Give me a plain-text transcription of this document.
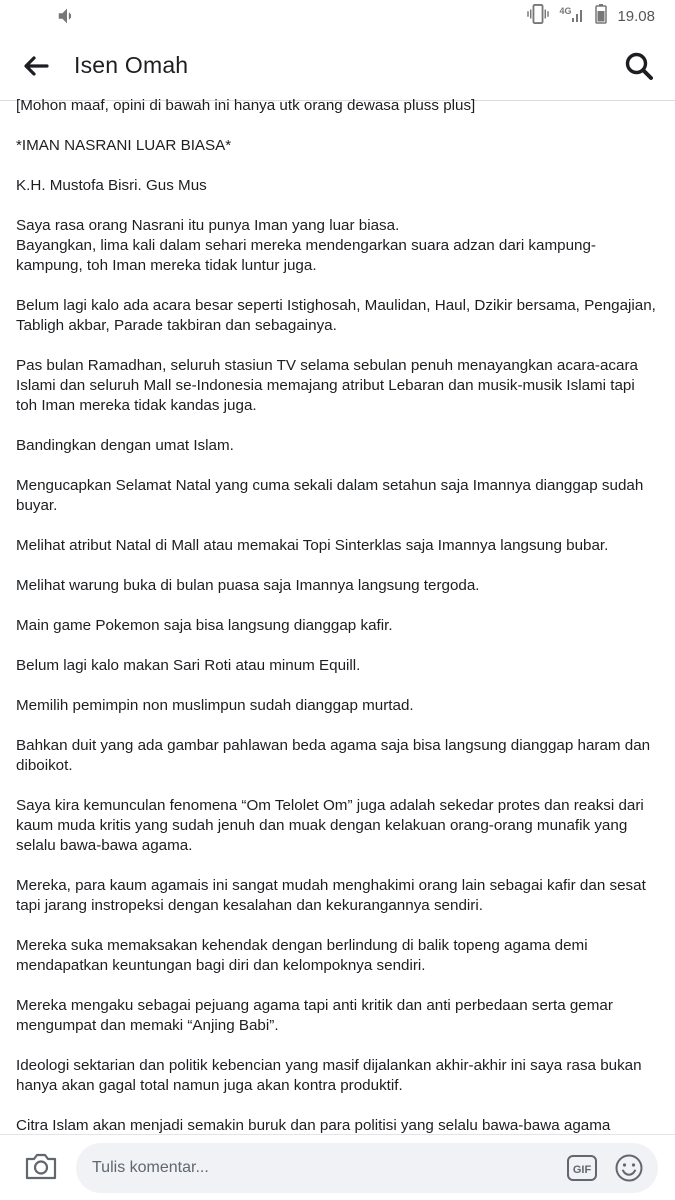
4G	19.08
Isen Omah

[Mohon maaf, opini di bawah ini hanya utk orang dewasa pluss plus]

*IMAN NASRANI LUAR BIASA*

K.H. Mustofa Bisri. Gus Mus

Saya rasa orang Nasrani itu punya Iman yang luar biasa.
Bayangkan, lima kali dalam sehari mereka mendengarkan suara adzan dari kampung-kampung, toh Iman mereka tidak luntur juga.

Belum lagi kalo ada acara besar seperti Istighosah, Maulidan, Haul, Dzikir bersama, Pengajian, Tabligh akbar, Parade takbiran dan sebagainya.

Pas bulan Ramadhan, seluruh stasiun TV selama sebulan penuh menayangkan acara-acara Islami dan seluruh Mall se-Indonesia memajang atribut Lebaran dan musik-musik Islami tapi toh Iman mereka tidak kandas juga.

Bandingkan dengan umat Islam.

Mengucapkan Selamat Natal yang cuma sekali dalam setahun saja Imannya dianggap sudah buyar.

Melihat atribut Natal di Mall atau memakai Topi Sinterklas saja Imannya langsung bubar.

Melihat warung buka di bulan puasa saja Imannya langsung tergoda.

Main game Pokemon saja bisa langsung dianggap kafir.

Belum lagi kalo makan Sari Roti atau minum Equill.

Memilih pemimpin non muslimpun sudah dianggap murtad.

Bahkan duit yang ada gambar pahlawan beda agama saja bisa langsung dianggap haram dan diboikot.

Saya kira kemunculan fenomena “Om Telolet Om” juga adalah sekedar protes dan reaksi dari kaum muda kritis yang sudah jenuh dan muak dengan kelakuan orang-orang munafik yang selalu bawa-bawa agama.

Mereka, para kaum agamais ini sangat mudah menghakimi orang lain sebagai kafir dan sesat tapi jarang instropeksi dengan kesalahan dan kekurangannya sendiri.

Mereka suka memaksakan kehendak dengan berlindung di balik topeng agama demi mendapatkan keuntungan bagi diri dan kelompoknya sendiri.

Mereka mengaku sebagai pejuang agama tapi anti kritik dan anti perbedaan serta gemar mengumpat dan memaki “Anjing Babi”.

Ideologi sektarian dan politik kebencian yang masif dijalankan akhir-akhir ini saya rasa bukan hanya akan gagal total namun juga akan kontra produktif.

Citra Islam akan menjadi semakin buruk dan para politisi yang selalu bawa-bawa agama

Tulis komentar...
GIF
